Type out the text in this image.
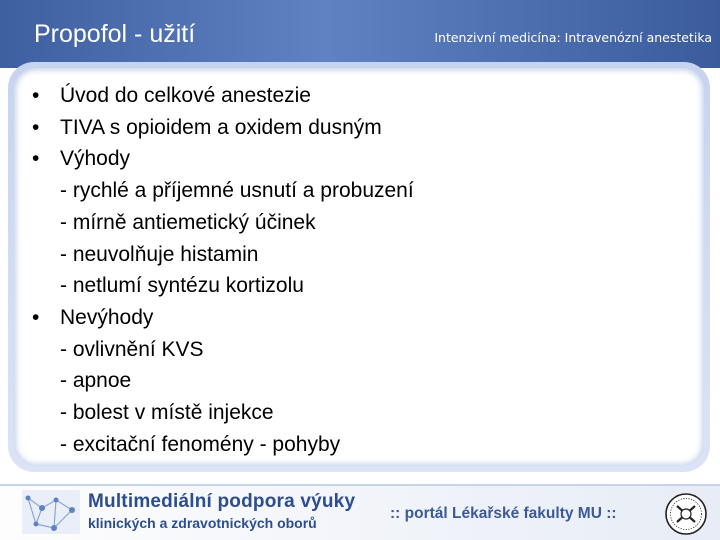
Propofol - užití	Intenzivní medicína: Intravenózní anestetika
• Úvod do celkové anestezie
• TIVA s opioidem a oxidem dusným
• Výhody
- rychlé a příjemné usnutí a probuzení
- mírně antiemetický účinek
- neuvolňuje histamin
- netlumí syntézu kortizolu
• Nevýhody
- ovlivnění KVS
- apnoe
- bolest v místě injekce
- excitační fenomény - pohyby
Multimediální podpora výuky
klinických a zdravotnických oborů
:: portál Lékařské fakulty MU ::
